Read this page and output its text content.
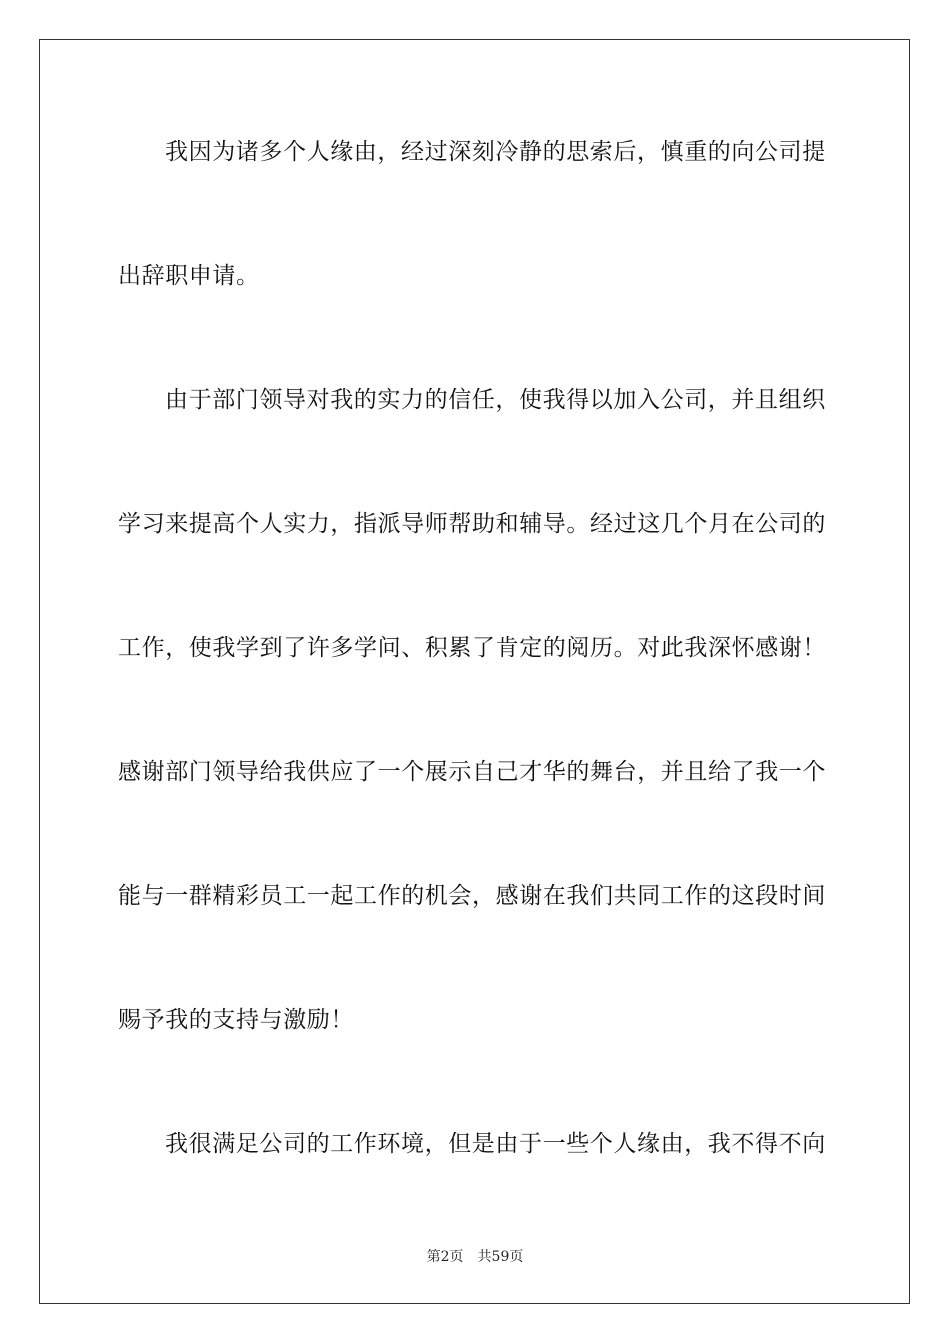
我因为诸多个人缘由，经过深刻冷静的思索后，慎重的向公司提
出辞职申请。
由于部门领导对我的实力的信任，使我得以加入公司，并且组织
学习来提高个人实力，指派导师帮助和辅导。经过这几个月在公司的
工作，使我学到了许多学问、积累了肯定的阅历。对此我深怀感谢！
感谢部门领导给我供应了一个展示自己才华的舞台，并且给了我一个
能与一群精彩员工一起工作的机会，感谢在我们共同工作的这段时间
赐予我的支持与激励！
我很满足公司的工作环境，但是由于一些个人缘由，我不得不向
第2页 共59页
